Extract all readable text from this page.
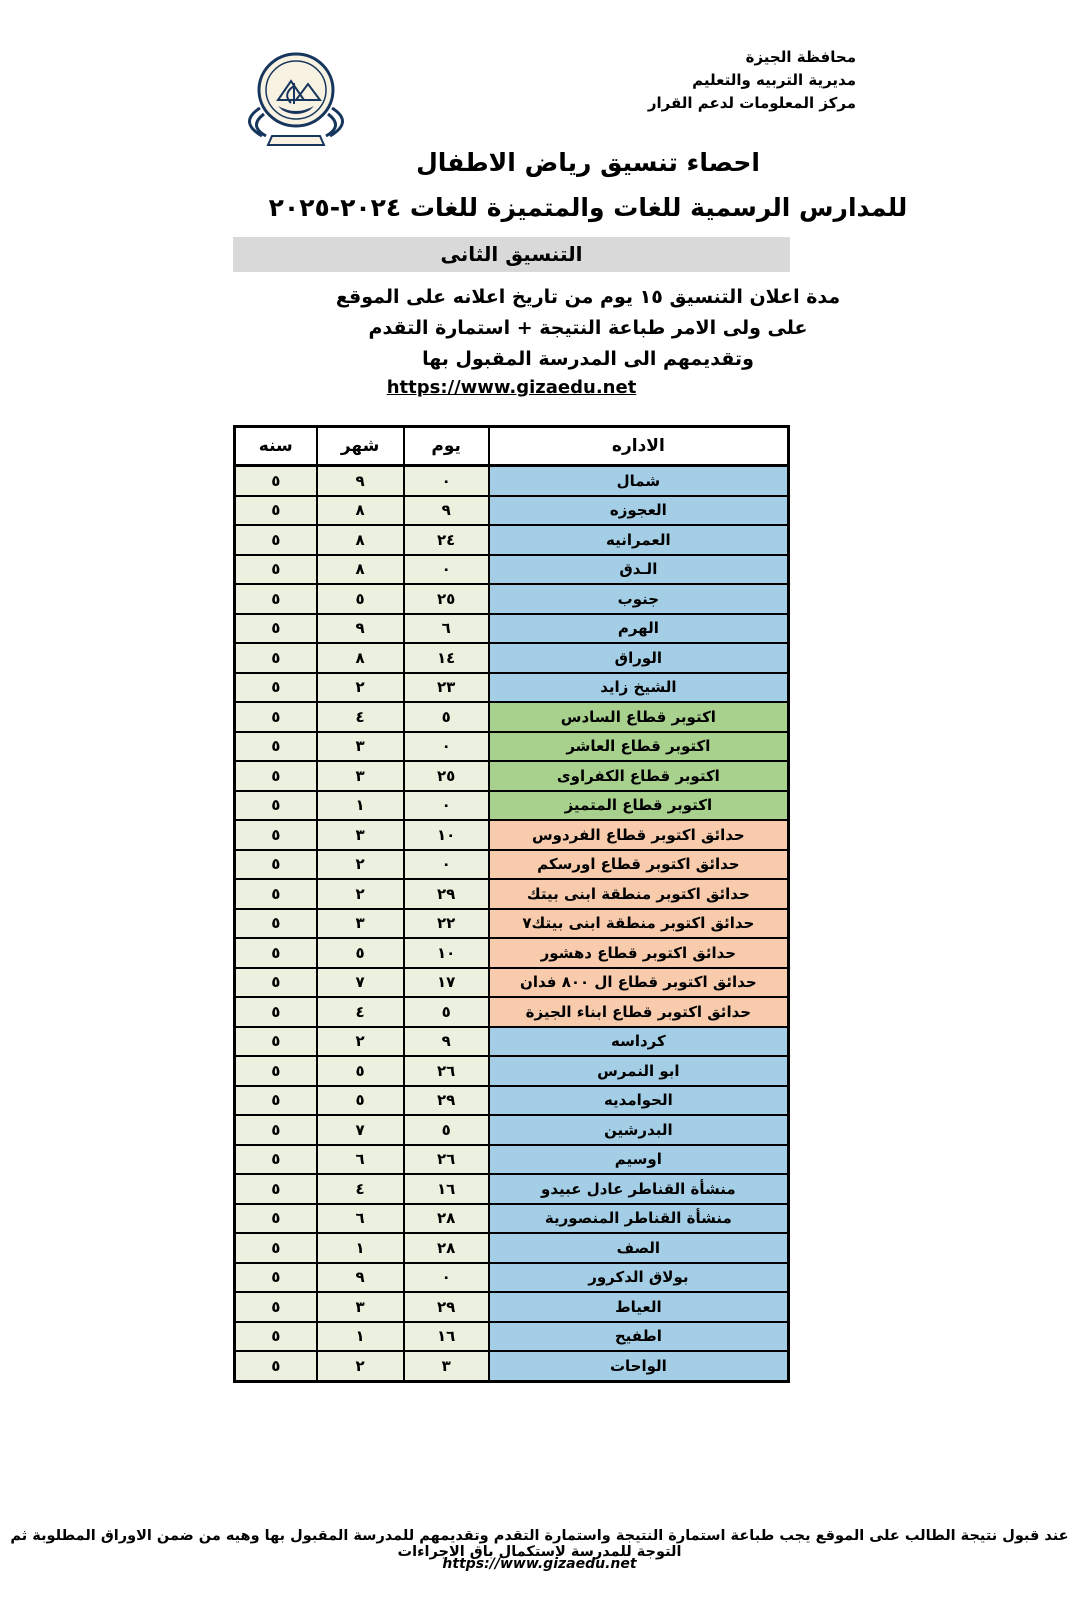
محافظة الجيزة
مديرية التربيه والتعليم
مركز المعلومات لدعم القرار
احصاء تنسيق رياض الاطفال
للمدارس الرسمية للغات والمتميزة للغات ٢٠٢٤-٢٠٢٥
التنسيق الثانى
مدة اعلان التنسيق ١٥ يوم من تاريخ اعلانه على الموقع
على ولى الامر طباعة النتيجة + استمارة التقدم
وتقديمهم الى المدرسة المقبول بها
https://www.gizaedu.net
الاداره	يوم	شهر	سنه
شمال	٠	٩	٥
العجوزه	٩	٨	٥
العمرانيه	٢٤	٨	٥
الـدق	٠	٨	٥
جنوب	٢٥	٥	٥
الهرم	٦	٩	٥
الوراق	١٤	٨	٥
الشيخ زايد	٢٣	٢	٥
اكتوبر قطاع السادس	٥	٤	٥
اكتوبر قطاع العاشر	٠	٣	٥
اكتوبر قطاع الكفراوى	٢٥	٣	٥
اكتوبر قطاع المتميز	٠	١	٥
حدائق اكتوبر قطاع الفردوس	١٠	٣	٥
حدائق اكتوبر قطاع اورسكم	٠	٢	٥
حدائق اكتوبر منطقة ابنى بيتك	٢٩	٢	٥
حدائق اكتوبر منطقة ابنى بيتك٧	٢٢	٣	٥
حدائق اكتوبر قطاع دهشور	١٠	٥	٥
حدائق اكتوبر قطاع ال ٨٠٠ فدان	١٧	٧	٥
حدائق اكتوبر قطاع ابناء الجيزة	٥	٤	٥
كرداسه	٩	٢	٥
ابو النمرس	٢٦	٥	٥
الحوامديه	٢٩	٥	٥
البدرشين	٥	٧	٥
اوسيم	٢٦	٦	٥
منشأة القناطر عادل عبيدو	١٦	٤	٥
منشأة القناطر المنصورية	٢٨	٦	٥
الصف	٢٨	١	٥
بولاق الدكرور	٠	٩	٥
العياط	٢٩	٣	٥
اطفيح	١٦	١	٥
الواحات	٣	٢	٥
عند قبول نتيجة الطالب على الموقع يجب طباعة استمارة النتيجة واستمارة التقدم وتقديمهم للمدرسة المقبول بها وهيه من ضمن الاوراق المطلوبة ثم التوجة للمدرسة لاستكمال باق الاجراءات
https://www.gizaedu.net
